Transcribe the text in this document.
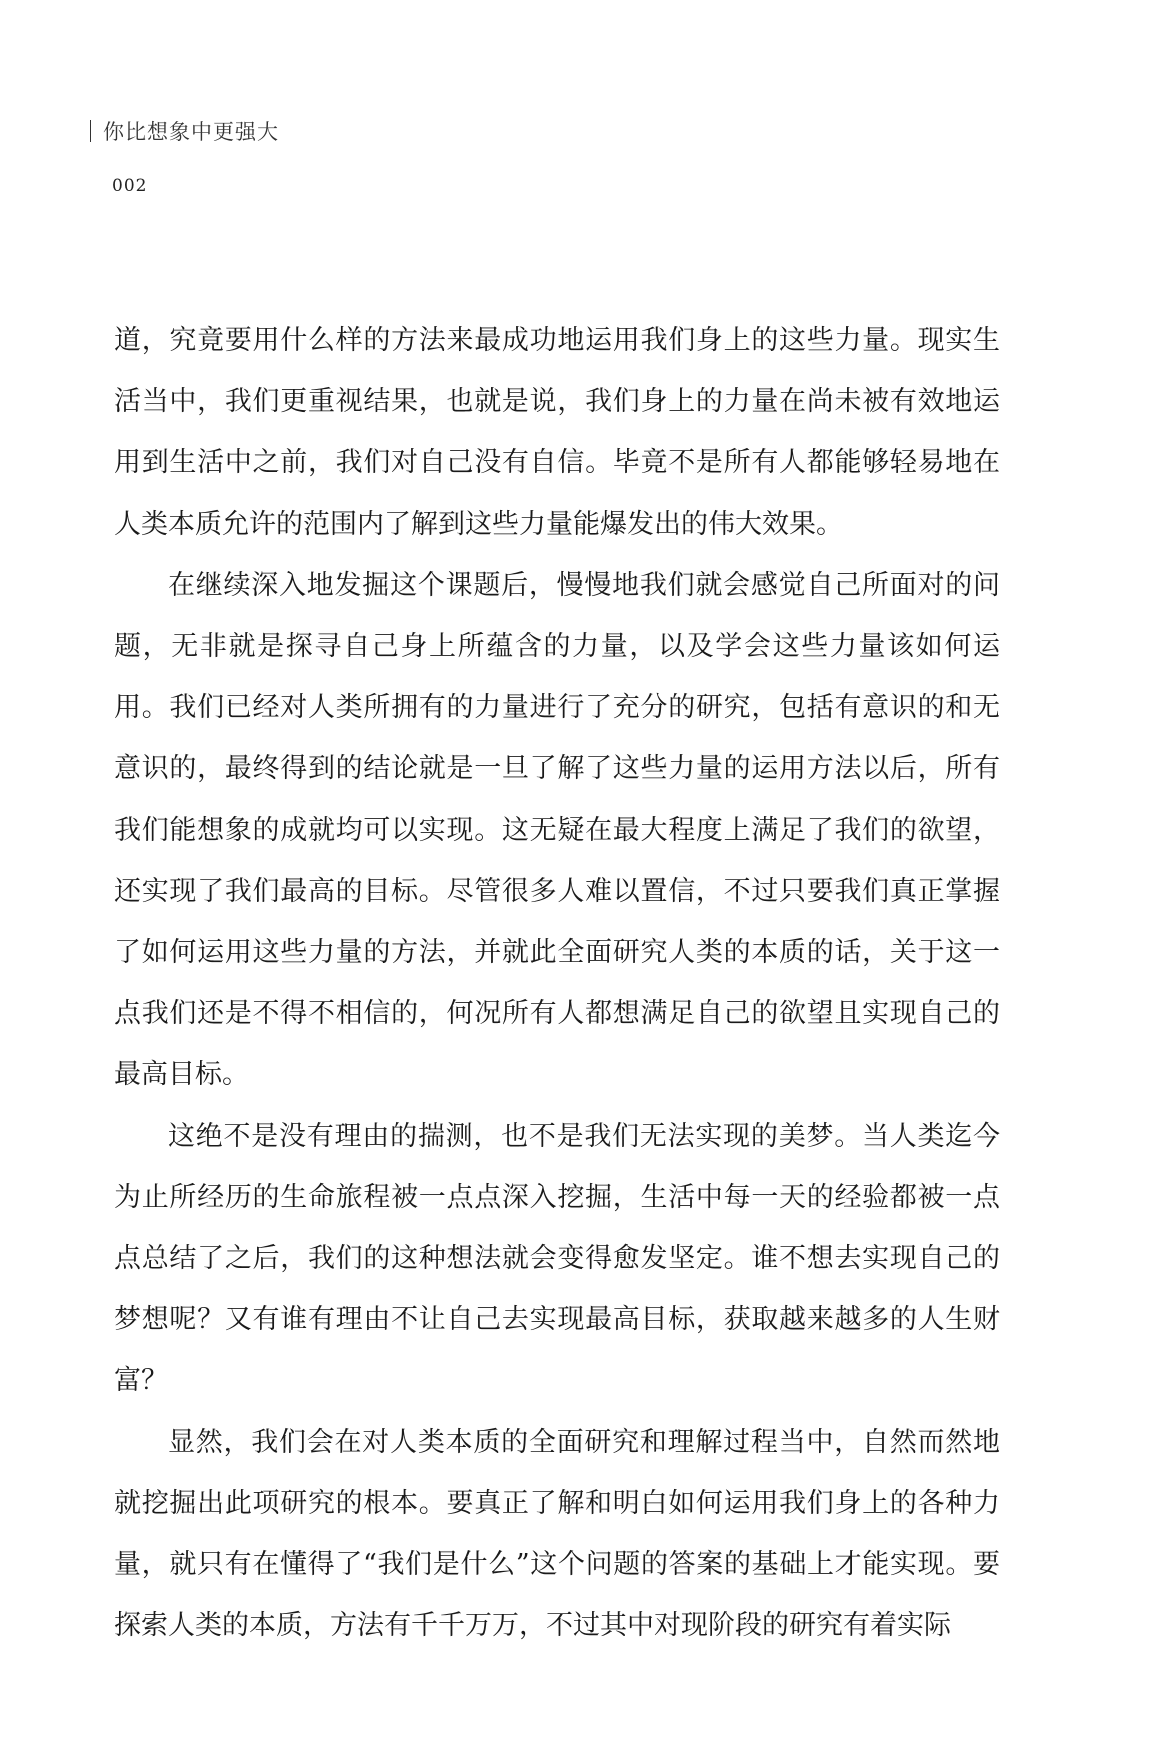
你比想象中更强大
002

道，究竟要用什么样的方法来最成功地运用我们身上的这些力量。现实生活当中，我们更重视结果，也就是说，我们身上的力量在尚未被有效地运用到生活中之前，我们对自己没有自信。毕竟不是所有人都能够轻易地在人类本质允许的范围内了解到这些力量能爆发出的伟大效果。

在继续深入地发掘这个课题后，慢慢地我们就会感觉自己所面对的问题，无非就是探寻自己身上所蕴含的力量，以及学会这些力量该如何运用。我们已经对人类所拥有的力量进行了充分的研究，包括有意识的和无意识的，最终得到的结论就是一旦了解了这些力量的运用方法以后，所有我们能想象的成就均可以实现。这无疑在最大程度上满足了我们的欲望，还实现了我们最高的目标。尽管很多人难以置信，不过只要我们真正掌握了如何运用这些力量的方法，并就此全面研究人类的本质的话，关于这一点我们还是不得不相信的，何况所有人都想满足自己的欲望且实现自己的最高目标。

这绝不是没有理由的揣测，也不是我们无法实现的美梦。当人类迄今为止所经历的生命旅程被一点点深入挖掘，生活中每一天的经验都被一点点总结了之后，我们的这种想法就会变得愈发坚定。谁不想去实现自己的梦想呢？又有谁有理由不让自己去实现最高目标，获取越来越多的人生财富？

显然，我们会在对人类本质的全面研究和理解过程当中，自然而然地就挖掘出此项研究的根本。要真正了解和明白如何运用我们身上的各种力量，就只有在懂得了“我们是什么”这个问题的答案的基础上才能实现。要探索人类的本质，方法有千千万万，不过其中对现阶段的研究有着实际
